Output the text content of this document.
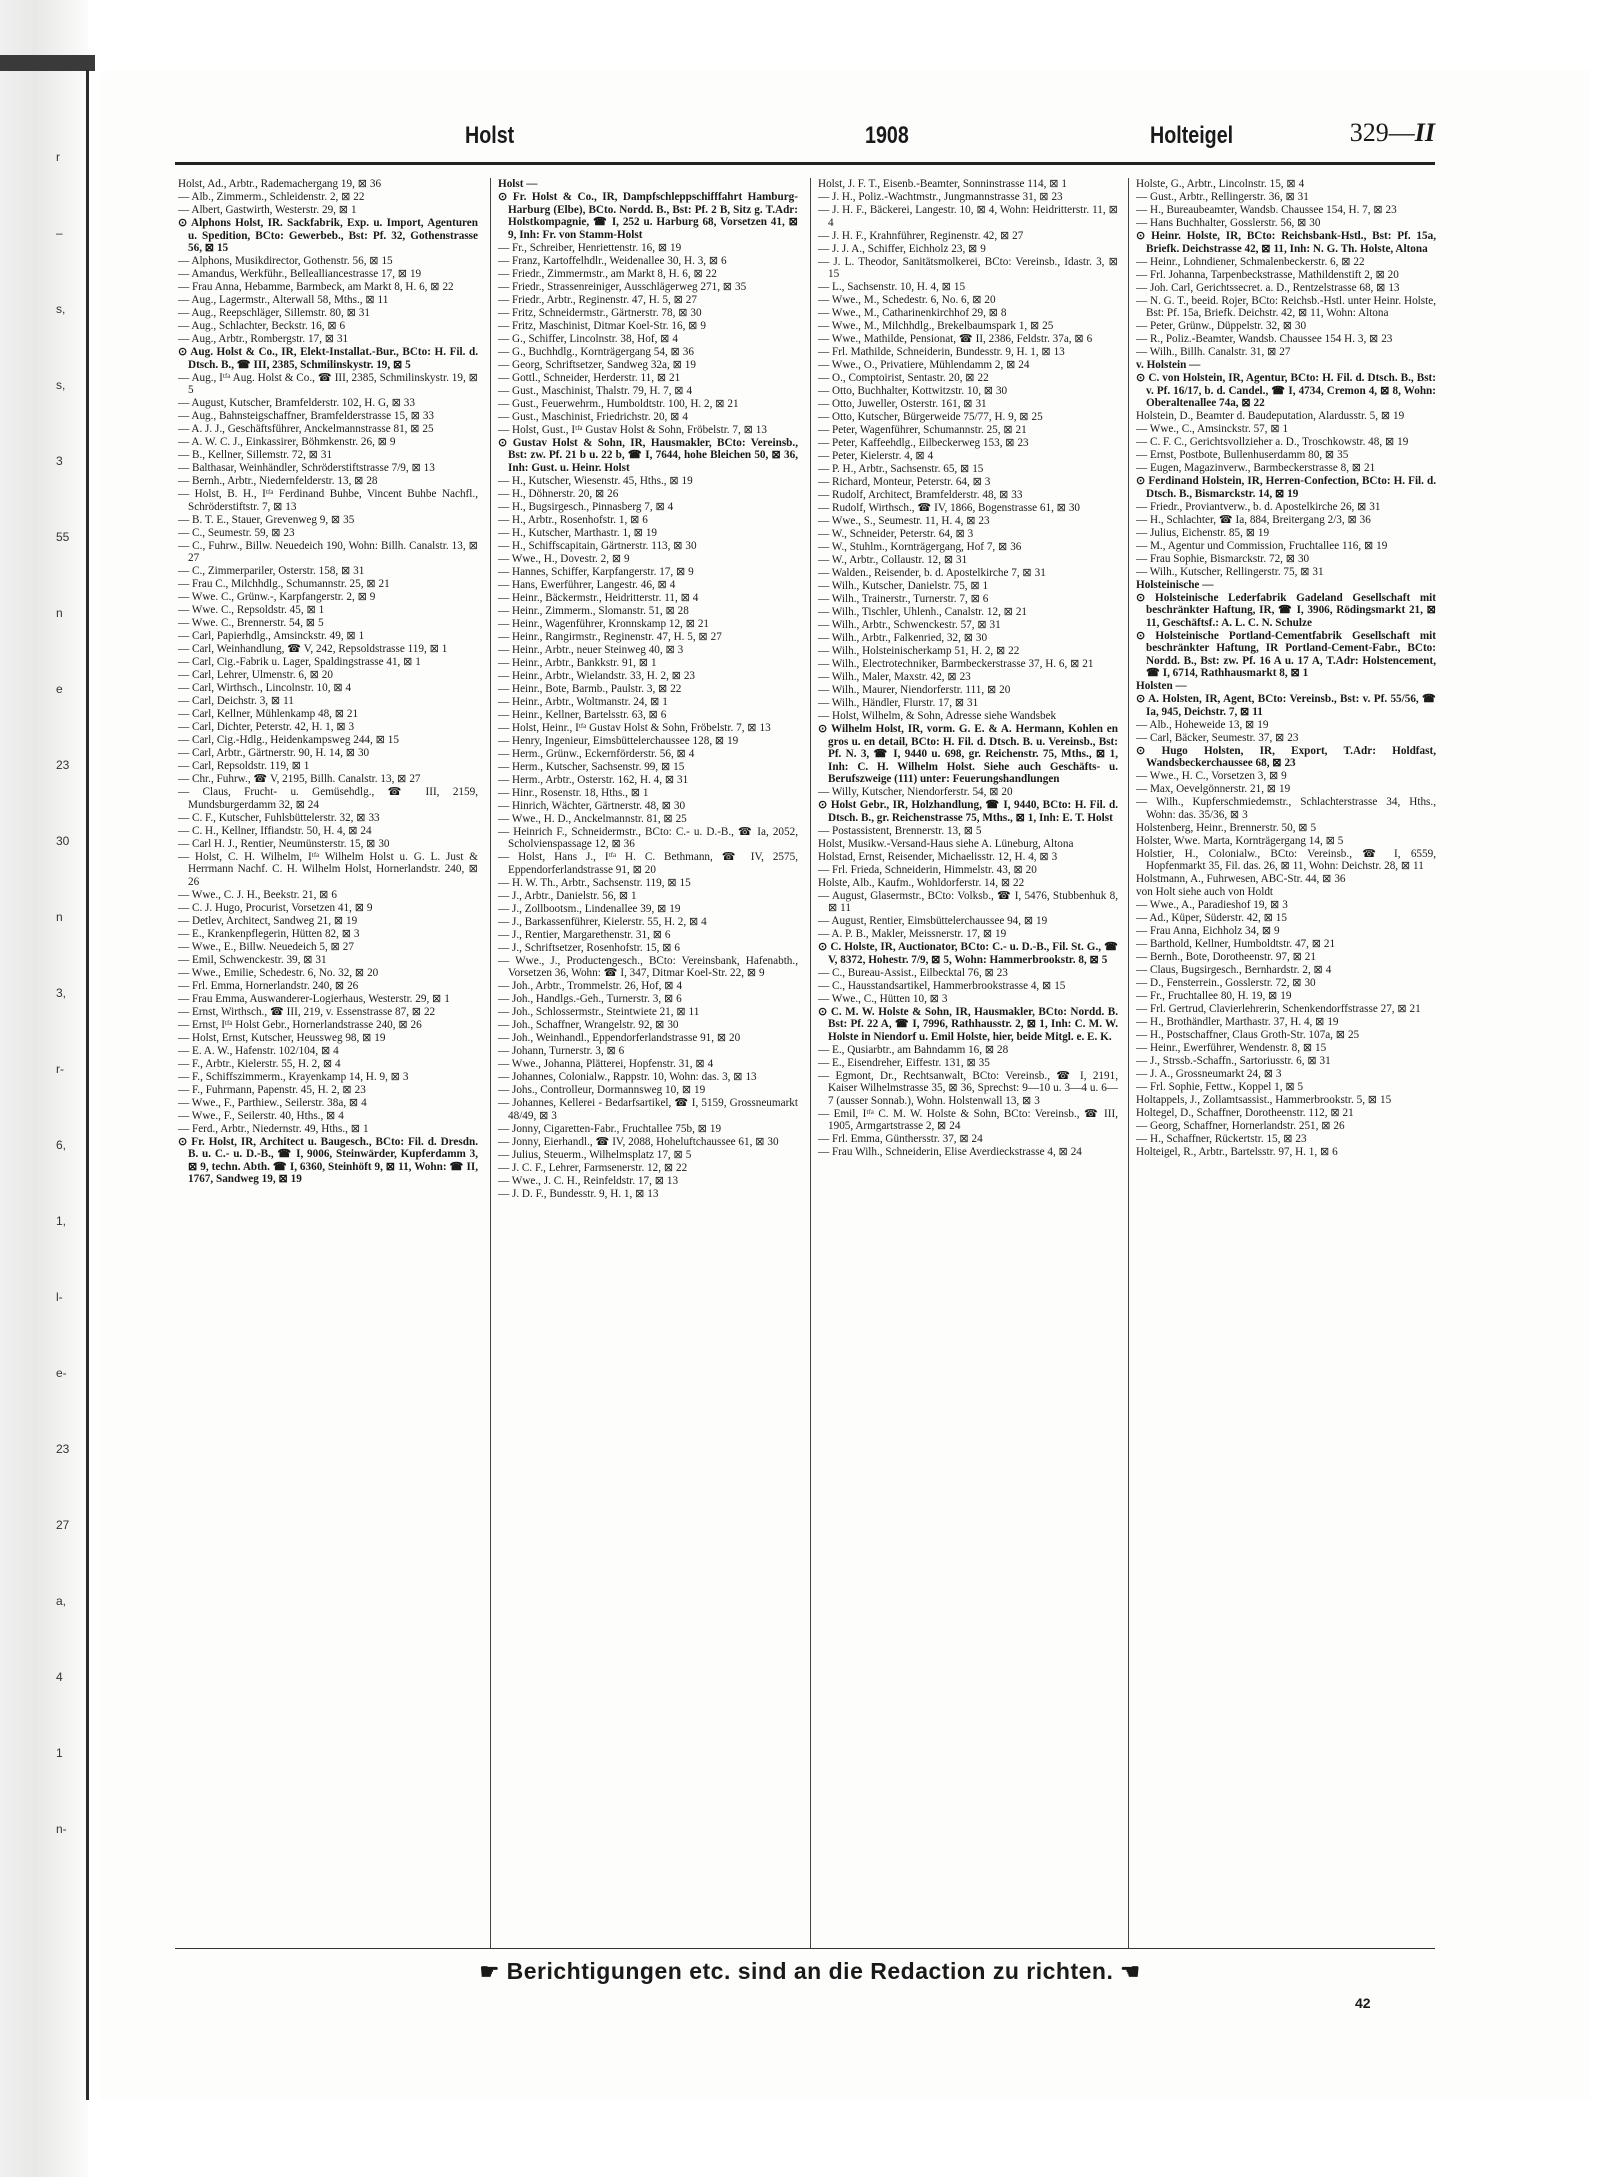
r
–
s,
s,
3
55
n
e
23
30
n
3,
r-
6,
1,
l-
e-
23
27
a,
4
1
n-
Holst	1908	Holteigel	329—II
Holst, Ad., Arbtr., Rademachergang 19, ⊠ 36
— Alb., Zimmerm., Schleidenstr. 2, ⊠ 22
— Albert, Gastwirth, Westerstr. 29, ⊠ 1
⊙ Alphons Holst, IR. Sackfabrik, Exp. u. Import, Agenturen u. Spedition, BCto: Gewerbeb., Bst: Pf. 32, Gothenstrasse 56, ⊠ 15
— Alphons, Musikdirector, Gothenstr. 56, ⊠ 15
— Amandus, Werkführ., Bellealliancestrasse 17, ⊠ 19
— Frau Anna, Hebamme, Barmbeck, am Markt 8, H. 6, ⊠ 22
— Aug., Lagermstr., Alterwall 58, Mths., ⊠ 11
— Aug., Reepschläger, Sillemstr. 80, ⊠ 31
— Aug., Schlachter, Beckstr. 16, ⊠ 6
— Aug., Arbtr., Rombergstr. 17, ⊠ 31
⊙ Aug. Holst & Co., IR, Elekt-Installat.-Bur., BCto: H. Fil. d. Dtsch. B., ☎ III, 2385, Schmilinskystr. 19, ⊠ 5
— Aug., Iᵗᶠᵃ Aug. Holst & Co., ☎ III, 2385, Schmilinskystr. 19, ⊠ 5
— August, Kutscher, Bramfelderstr. 102, H. G, ⊠ 33
— Aug., Bahnsteigschaffner, Bramfelderstrasse 15, ⊠ 33
— A. J. J., Geschäftsführer, Anckelmannstrasse 81, ⊠ 25
— A. W. C. J., Einkassirer, Böhmkenstr. 26, ⊠ 9
— B., Kellner, Sillemstr. 72, ⊠ 31
— Balthasar, Weinhändler, Schröderstiftstrasse 7/9, ⊠ 13
— Bernh., Arbtr., Niedernfelderstr. 13, ⊠ 28
— Holst, B. H., Iᵗᶠᵃ Ferdinand Buhbe, Vincent Buhbe Nachfl., Schröderstiftstr. 7, ⊠ 13
— B. T. E., Stauer, Grevenweg 9, ⊠ 35
— C., Seumestr. 59, ⊠ 23
— C., Fuhrw., Billw. Neuedeich 190, Wohn: Billh. Canalstr. 13, ⊠ 27
— C., Zimmerpariler, Osterstr. 158, ⊠ 31
— Frau C., Milchhdlg., Schumannstr. 25, ⊠ 21
— Wwe. C., Grünw.-, Karpfangerstr. 2, ⊠ 9
— Wwe. C., Repsoldstr. 45, ⊠ 1
— Wwe. C., Brennerstr. 54, ⊠ 5
— Carl, Papierhdlg., Amsinckstr. 49, ⊠ 1
— Carl, Weinhandlung, ☎ V, 242, Repsoldstrasse 119, ⊠ 1
— Carl, Cig.-Fabrik u. Lager, Spaldingstrasse 41, ⊠ 1
— Carl, Lehrer, Ulmenstr. 6, ⊠ 20
— Carl, Wirthsch., Lincolnstr. 10, ⊠ 4
— Carl, Deichstr. 3, ⊠ 11
— Carl, Kellner, Mühlenkamp 48, ⊠ 21
— Carl, Dichter, Peterstr. 42, H. 1, ⊠ 3
— Carl, Cig.-Hdlg., Heidenkampsweg 244, ⊠ 15
— Carl, Arbtr., Gärtnerstr. 90, H. 14, ⊠ 30
— Carl, Repsoldstr. 119, ⊠ 1
— Chr., Fuhrw., ☎ V, 2195, Billh. Canalstr. 13, ⊠ 27
— Claus, Frucht- u. Gemüsehdlg., ☎ III, 2159, Mundsburgerdamm 32, ⊠ 24
— C. F., Kutscher, Fuhlsbüttelerstr. 32, ⊠ 33
— C. H., Kellner, Iffiandstr. 50, H. 4, ⊠ 24
— Carl H. J., Rentier, Neumünsterstr. 15, ⊠ 30
— Holst, C. H. Wilhelm, Iᵗᶠᵃ Wilhelm Holst u. G. L. Just & Herrmann Nachf. C. H. Wilhelm Holst, Hornerlandstr. 240, ⊠ 26
— Wwe., C. J. H., Beekstr. 21, ⊠ 6
— C. J. Hugo, Procurist, Vorsetzen 41, ⊠ 9
— Detlev, Architect, Sandweg 21, ⊠ 19
— E., Krankenpflegerin, Hütten 82, ⊠ 3
— Wwe., E., Billw. Neuedeich 5, ⊠ 27
— Emil, Schwenckestr. 39, ⊠ 31
— Wwe., Emilie, Schedestr. 6, No. 32, ⊠ 20
— Frl. Emma, Hornerlandstr. 240, ⊠ 26
— Frau Emma, Auswanderer-Logierhaus, Westerstr. 29, ⊠ 1
— Ernst, Wirthsch., ☎ III, 219, v. Essenstrasse 87, ⊠ 22
— Ernst, Iᵗᶠᵃ Holst Gebr., Hornerlandstrasse 240, ⊠ 26
— Holst, Ernst, Kutscher, Heussweg 98, ⊠ 19
— E. A. W., Hafenstr. 102/104, ⊠ 4
— F., Arbtr., Kielerstr. 55, H. 2, ⊠ 4
— F., Schiffszimmerm., Krayenkamp 14, H. 9, ⊠ 3
— F., Fuhrmann, Papenstr. 45, H. 2, ⊠ 23
— Wwe., F., Parthiew., Seilerstr. 38a, ⊠ 4
— Wwe., F., Seilerstr. 40, Hths., ⊠ 4
— Ferd., Arbtr., Niedernstr. 49, Hths., ⊠ 1
⊙ Fr. Holst, IR, Architect u. Baugesch., BCto: Fil. d. Dresdn. B. u. C.- u. D.-B., ☎ I, 9006, Steinwärder, Kupferdamm 3, ⊠ 9, techn. Abth. ☎ I, 6360, Steinhöft 9, ⊠ 11, Wohn: ☎ II, 1767, Sandweg 19, ⊠ 19
Holst —
⊙ Fr. Holst & Co., IR, Dampfschleppschifffahrt Hamburg-Harburg (Elbe), BCto. Nordd. B., Bst: Pf. 2 B, Sitz g. T.Adr: Holstkompagnie, ☎ I, 252 u. Harburg 68, Vorsetzen 41, ⊠ 9, Inh: Fr. von Stamm-Holst
— Fr., Schreiber, Henriettenstr. 16, ⊠ 19
— Franz, Kartoffelhdlr., Weidenallee 30, H. 3, ⊠ 6
— Friedr., Zimmermstr., am Markt 8, H. 6, ⊠ 22
— Friedr., Strassenreiniger, Ausschlägerweg 271, ⊠ 35
— Friedr., Arbtr., Reginenstr. 47, H. 5, ⊠ 27
— Fritz, Schneidermstr., Gärtnerstr. 78, ⊠ 30
— Fritz, Maschinist, Ditmar Koel-Str. 16, ⊠ 9
— G., Schiffer, Lincolnstr. 38, Hof, ⊠ 4
— G., Buchhdlg., Kornträgergang 54, ⊠ 36
— Georg, Schriftsetzer, Sandweg 32a, ⊠ 19
— Gottl., Schneider, Herderstr. 11, ⊠ 21
— Gust., Maschinist, Thalstr. 79, H. 7, ⊠ 4
— Gust., Feuerwehrm., Humboldtstr. 100, H. 2, ⊠ 21
— Gust., Maschinist, Friedrichstr. 20, ⊠ 4
— Holst, Gust., Iᵗᶠᵃ Gustav Holst & Sohn, Fröbelstr. 7, ⊠ 13
⊙ Gustav Holst & Sohn, IR, Hausmakler, BCto: Vereinsb., Bst: zw. Pf. 21 b u. 22 b, ☎ I, 7644, hohe Bleichen 50, ⊠ 36, Inh: Gust. u. Heinr. Holst
— H., Kutscher, Wiesenstr. 45, Hths., ⊠ 19
— H., Döhnerstr. 20, ⊠ 26
— H., Bugsirgesch., Pinnasberg 7, ⊠ 4
— H., Arbtr., Rosenhofstr. 1, ⊠ 6
— H., Kutscher, Marthastr. 1, ⊠ 19
— H., Schiffscapitain, Gärtnerstr. 113, ⊠ 30
— Wwe., H., Dovestr. 2, ⊠ 9
— Hannes, Schiffer, Karpfangerstr. 17, ⊠ 9
— Hans, Ewerführer, Langestr. 46, ⊠ 4
— Heinr., Bäckermstr., Heidritterstr. 11, ⊠ 4
— Heinr., Zimmerm., Slomanstr. 51, ⊠ 28
— Heinr., Wagenführer, Kronnskamp 12, ⊠ 21
— Heinr., Rangirmstr., Reginenstr. 47, H. 5, ⊠ 27
— Heinr., Arbtr., neuer Steinweg 40, ⊠ 3
— Heinr., Arbtr., Bankkstr. 91, ⊠ 1
— Heinr., Arbtr., Wielandstr. 33, H. 2, ⊠ 23
— Heinr., Bote, Barmb., Paulstr. 3, ⊠ 22
— Heinr., Arbtr., Woltmanstr. 24, ⊠ 1
— Heinr., Kellner, Bartelsstr. 63, ⊠ 6
— Holst, Heinr., Iᵗᶠᵃ Gustav Holst & Sohn, Fröbelstr. 7, ⊠ 13
— Henry, Ingenieur, Eimsbüttelerchaussee 128, ⊠ 19
— Herm., Grünw., Eckernförderstr. 56, ⊠ 4
— Herm., Kutscher, Sachsenstr. 99, ⊠ 15
— Herm., Arbtr., Osterstr. 162, H. 4, ⊠ 31
— Hinr., Rosenstr. 18, Hths., ⊠ 1
— Hinrich, Wächter, Gärtnerstr. 48, ⊠ 30
— Wwe., H. D., Anckelmannstr. 81, ⊠ 25
— Heinrich F., Schneidermstr., BCto: C.- u. D.-B., ☎ Ia, 2052, Scholvienspassage 12, ⊠ 36
— Holst, Hans J., Iᵗᶠᵃ H. C. Bethmann, ☎ IV, 2575, Eppendorferlandstrasse 91, ⊠ 20
— H. W. Th., Arbtr., Sachsenstr. 119, ⊠ 15
— J., Arbtr., Danielstr. 56, ⊠ 1
— J., Zollbootsm., Lindenallee 39, ⊠ 19
— J., Barkassenführer, Kielerstr. 55, H. 2, ⊠ 4
— J., Rentier, Margarethenstr. 31, ⊠ 6
— J., Schriftsetzer, Rosenhofstr. 15, ⊠ 6
— Wwe., J., Productengesch., BCto: Vereinsbank, Hafenabth., Vorsetzen 36, Wohn: ☎ I, 347, Ditmar Koel-Str. 22, ⊠ 9
— Joh., Arbtr., Trommelstr. 26, Hof, ⊠ 4
— Joh., Handlgs.-Geh., Turnerstr. 3, ⊠ 6
— Joh., Schlossermstr., Steintwiete 21, ⊠ 11
— Joh., Schaffner, Wrangelstr. 92, ⊠ 30
— Joh., Weinhandl., Eppendorferlandstrasse 91, ⊠ 20
— Johann, Turnerstr. 3, ⊠ 6
— Wwe., Johanna, Plätterei, Hopfenstr. 31, ⊠ 4
— Johannes, Colonialw., Rappstr. 10, Wohn: das. 3, ⊠ 13
— Johs., Controlleur, Dormannsweg 10, ⊠ 19
— Johannes, Kellerei - Bedarfsartikel, ☎ I, 5159, Grossneumarkt 48/49, ⊠ 3
— Jonny, Cigaretten-Fabr., Fruchtallee 75b, ⊠ 19
— Jonny, Eierhandl., ☎ IV, 2088, Hoheluftchaussee 61, ⊠ 30
— Julius, Steuerm., Wilhelmsplatz 17, ⊠ 5
— J. C. F., Lehrer, Farmsenerstr. 12, ⊠ 22
— Wwe., J. C. H., Reinfeldstr. 17, ⊠ 13
— J. D. F., Bundesstr. 9, H. 1, ⊠ 13
Holst, J. F. T., Eisenb.-Beamter, Sonninstrasse 114, ⊠ 1
— J. H., Poliz.-Wachtmstr., Jungmannstrasse 31, ⊠ 23
— J. H. F., Bäckerei, Langestr. 10, ⊠ 4, Wohn: Heidritterstr. 11, ⊠ 4
— J. H. F., Krahnführer, Reginenstr. 42, ⊠ 27
— J. J. A., Schiffer, Eichholz 23, ⊠ 9
— J. L. Theodor, Sanitätsmolkerei, BCto: Vereinsb., Idastr. 3, ⊠ 15
— L., Sachsenstr. 10, H. 4, ⊠ 15
— Wwe., M., Schedestr. 6, No. 6, ⊠ 20
— Wwe., M., Catharinenkirchhof 29, ⊠ 8
— Wwe., M., Milchhdlg., Brekelbaumspark 1, ⊠ 25
— Wwe., Mathilde, Pensionat, ☎ II, 2386, Feldstr. 37a, ⊠ 6
— Frl. Mathilde, Schneiderin, Bundesstr. 9, H. 1, ⊠ 13
— Wwe., O., Privatiere, Mühlendamm 2, ⊠ 24
— O., Comptoirist, Sentastr. 20, ⊠ 22
— Otto, Buchhalter, Kottwitzstr. 10, ⊠ 30
— Otto, Juweller, Osterstr. 161, ⊠ 31
— Otto, Kutscher, Bürgerweide 75/77, H. 9, ⊠ 25
— Peter, Wagenführer, Schumannstr. 25, ⊠ 21
— Peter, Kaffeehdlg., Eilbeckerweg 153, ⊠ 23
— Peter, Kielerstr. 4, ⊠ 4
— P. H., Arbtr., Sachsenstr. 65, ⊠ 15
— Richard, Monteur, Peterstr. 64, ⊠ 3
— Rudolf, Architect, Bramfelderstr. 48, ⊠ 33
— Rudolf, Wirthsch., ☎ IV, 1866, Bogenstrasse 61, ⊠ 30
— Wwe., S., Seumestr. 11, H. 4, ⊠ 23
— W., Schneider, Peterstr. 64, ⊠ 3
— W., Stuhlm., Kornträgergang, Hof 7, ⊠ 36
— W., Arbtr., Collaustr. 12, ⊠ 31
— Walden., Reisender, b. d. Apostelkirche 7, ⊠ 31
— Wilh., Kutscher, Danielstr. 75, ⊠ 1
— Wilh., Trainerstr., Turnerstr. 7, ⊠ 6
— Wilh., Tischler, Uhlenh., Canalstr. 12, ⊠ 21
— Wilh., Arbtr., Schwenckestr. 57, ⊠ 31
— Wilh., Arbtr., Falkenried, 32, ⊠ 30
— Wilh., Holsteinischerkamp 51, H. 2, ⊠ 22
— Wilh., Electrotechniker, Barmbeckerstrasse 37, H. 6, ⊠ 21
— Wilh., Maler, Maxstr. 42, ⊠ 23
— Wilh., Maurer, Niendorferstr. 111, ⊠ 20
— Wilh., Händler, Flurstr. 17, ⊠ 31
— Holst, Wilhelm, & Sohn, Adresse siehe Wandsbek
⊙ Wilhelm Holst, IR, vorm. G. E. & A. Hermann, Kohlen en gros u. en detail, BCto: H. Fil. d. Dtsch. B. u. Vereinsb., Bst: Pf. N. 3, ☎ I, 9440 u. 698, gr. Reichenstr. 75, Mths., ⊠ 1, Inh: C. H. Wilhelm Holst. Siehe auch Geschäfts- u. Berufszweige (111) unter: Feuerungshandlungen
— Willy, Kutscher, Niendorferstr. 54, ⊠ 20
⊙ Holst Gebr., IR, Holzhandlung, ☎ I, 9440, BCto: H. Fil. d. Dtsch. B., gr. Reichenstrasse 75, Mths., ⊠ 1, Inh: E. T. Holst
— Postassistent, Brennerstr. 13, ⊠ 5
Holst, Musikw.-Versand-Haus siehe A. Lüneburg, Altona
Holstad, Ernst, Reisender, Michaelisstr. 12, H. 4, ⊠ 3
— Frl. Frieda, Schneiderin, Himmelstr. 43, ⊠ 20
Holste, Alb., Kaufm., Wohldorferstr. 14, ⊠ 22
— August, Glasermstr., BCto: Volksb., ☎ I, 5476, Stubbenhuk 8, ⊠ 11
— August, Rentier, Eimsbüttelerchaussee 94, ⊠ 19
— A. P. B., Makler, Meissnerstr. 17, ⊠ 19
⊙ C. Holste, IR, Auctionator, BCto: C.- u. D.-B., Fil. St. G., ☎ V, 8372, Hohestr. 7/9, ⊠ 5, Wohn: Hammerbrookstr. 8, ⊠ 5
— C., Bureau-Assist., Eilbecktal 76, ⊠ 23
— C., Hausstandsartikel, Hammerbrookstrasse 4, ⊠ 15
— Wwe., C., Hütten 10, ⊠ 3
⊙ C. M. W. Holste & Sohn, IR, Hausmakler, BCto: Nordd. B. Bst: Pf. 22 A, ☎ I, 7996, Rathhausstr. 2, ⊠ 1, Inh: C. M. W. Holste in Niendorf u. Emil Holste, hier, beide Mitgl. e. E. K.
— E., Qusiarbtr., am Bahndamm 16, ⊠ 28
— E., Eisendreher, Eiffestr. 131, ⊠ 35
— Egmont, Dr., Rechtsanwalt, BCto: Vereinsb., ☎ I, 2191, Kaiser Wilhelmstrasse 35, ⊠ 36, Sprechst: 9—10 u. 3—4 u. 6—7 (ausser Sonnab.), Wohn. Holstenwall 13, ⊠ 3
— Emil, Iᵗᶠᵃ C. M. W. Holste & Sohn, BCto: Vereinsb., ☎ III, 1905, Armgartstrasse 2, ⊠ 24
— Frl. Emma, Günthersstr. 37, ⊠ 24
— Frau Wilh., Schneiderin, Elise Averdieckstrasse 4, ⊠ 24
Holste, G., Arbtr., Lincolnstr. 15, ⊠ 4
— Gust., Arbtr., Rellingerstr. 36, ⊠ 31
— H., Bureaubeamter, Wandsb. Chaussee 154, H. 7, ⊠ 23
— Hans Buchhalter, Gosslerstr. 56, ⊠ 30
⊙ Heinr. Holste, IR, BCto: Reichsbank-Hstl., Bst: Pf. 15a, Briefk. Deichstrasse 42, ⊠ 11, Inh: N. G. Th. Holste, Altona
— Heinr., Lohndiener, Schmalenbeckerstr. 6, ⊠ 22
— Frl. Johanna, Tarpenbeckstrasse, Mathildenstift 2, ⊠ 20
— Joh. Carl, Gerichtssecret. a. D., Rentzelstrasse 68, ⊠ 13
— N. G. T., beeid. Rojer, BCto: Reichsb.-Hstl. unter Heinr. Holste, Bst: Pf. 15a, Briefk. Deichstr. 42, ⊠ 11, Wohn: Altona
— Peter, Grünw., Düppelstr. 32, ⊠ 30
— R., Poliz.-Beamter, Wandsb. Chaussee 154 H. 3, ⊠ 23
— Wilh., Billh. Canalstr. 31, ⊠ 27
v. Holstein —
⊙ C. von Holstein, IR, Agentur, BCto: H. Fil. d. Dtsch. B., Bst: v. Pf. 16/17, b. d. Candel., ☎ I, 4734, Cremon 4, ⊠ 8, Wohn: Oberaltenallee 74a, ⊠ 22
Holstein, D., Beamter d. Baudeputation, Alardusstr. 5, ⊠ 19
— Wwe., C., Amsinckstr. 57, ⊠ 1
— C. F. C., Gerichtsvollzieher a. D., Troschkowstr. 48, ⊠ 19
— Ernst, Postbote, Bullenhuserdamm 80, ⊠ 35
— Eugen, Magazinverw., Barmbeckerstrasse 8, ⊠ 21
⊙ Ferdinand Holstein, IR, Herren-Confection, BCto: H. Fil. d. Dtsch. B., Bismarckstr. 14, ⊠ 19
— Friedr., Proviantverw., b. d. Apostelkirche 26, ⊠ 31
— H., Schlachter, ☎ Ia, 884, Breitergang 2/3, ⊠ 36
— Julius, Eichenstr. 85, ⊠ 19
— M., Agentur und Commission, Fruchtallee 116, ⊠ 19
— Frau Sophie, Bismarckstr. 72, ⊠ 30
— Wilh., Kutscher, Rellingerstr. 75, ⊠ 31
Holsteinische —
⊙ Holsteinische Lederfabrik Gadeland Gesellschaft mit beschränkter Haftung, IR, ☎ I, 3906, Rödingsmarkt 21, ⊠ 11, Geschäftsf.: A. L. C. N. Schulze
⊙ Holsteinische Portland-Cementfabrik Gesellschaft mit beschränkter Haftung, IR Portland-Cement-Fabr., BCto: Nordd. B., Bst: zw. Pf. 16 A u. 17 A, T.Adr: Holstencement, ☎ I, 6714, Rathhausmarkt 8, ⊠ 1
Holsten —
⊙ A. Holsten, IR, Agent, BCto: Vereinsb., Bst: v. Pf. 55/56, ☎ Ia, 945, Deichstr. 7, ⊠ 11
— Alb., Hoheweide 13, ⊠ 19
— Carl, Bäcker, Seumestr. 37, ⊠ 23
⊙ Hugo Holsten, IR, Export, T.Adr: Holdfast, Wandsbeckerchaussee 68, ⊠ 23
— Wwe., H. C., Vorsetzen 3, ⊠ 9
— Max, Oevelgönnerstr. 21, ⊠ 19
— Wilh., Kupferschmiedemstr., Schlachterstrasse 34, Hths., Wohn: das. 35/36, ⊠ 3
Holstenberg, Heinr., Brennerstr. 50, ⊠ 5
Holster, Wwe. Marta, Kornträgergang 14, ⊠ 5
Holstier, H., Colonialw., BCto: Vereinsb., ☎ I, 6559, Hopfenmarkt 35, Fil. das. 26, ⊠ 11, Wohn: Deichstr. 28, ⊠ 11
Holstmann, A., Fuhrwesen, ABC-Str. 44, ⊠ 36
von Holt siehe auch von Holdt
— Wwe., A., Paradieshof 19, ⊠ 3
— Ad., Küper, Süderstr. 42, ⊠ 15
— Frau Anna, Eichholz 34, ⊠ 9
— Barthold, Kellner, Humboldtstr. 47, ⊠ 21
— Bernh., Bote, Dorotheenstr. 97, ⊠ 21
— Claus, Bugsirgesch., Bernhardstr. 2, ⊠ 4
— D., Fensterrein., Gosslerstr. 72, ⊠ 30
— Fr., Fruchtallee 80, H. 19, ⊠ 19
— Frl. Gertrud, Clavierlehrerin, Schenkendorffstrasse 27, ⊠ 21
— H., Brothändler, Marthastr. 37, H. 4, ⊠ 19
— H., Postschaffner, Claus Groth-Str. 107a, ⊠ 25
— Heinr., Ewerführer, Wendenstr. 8, ⊠ 15
— J., Strssb.-Schaffn., Sartoriusstr. 6, ⊠ 31
— J. A., Grossneumarkt 24, ⊠ 3
— Frl. Sophie, Fettw., Koppel 1, ⊠ 5
Holtappels, J., Zollamtsassist., Hammerbrookstr. 5, ⊠ 15
Holtegel, D., Schaffner, Dorotheenstr. 112, ⊠ 21
— Georg, Schaffner, Hornerlandstr. 251, ⊠ 26
— H., Schaffner, Rückertstr. 15, ⊠ 23
Holteigel, R., Arbtr., Bartelsstr. 97, H. 1, ⊠ 6
☛ Berichtigungen etc. sind an die Redaction zu richten. ☚
42
